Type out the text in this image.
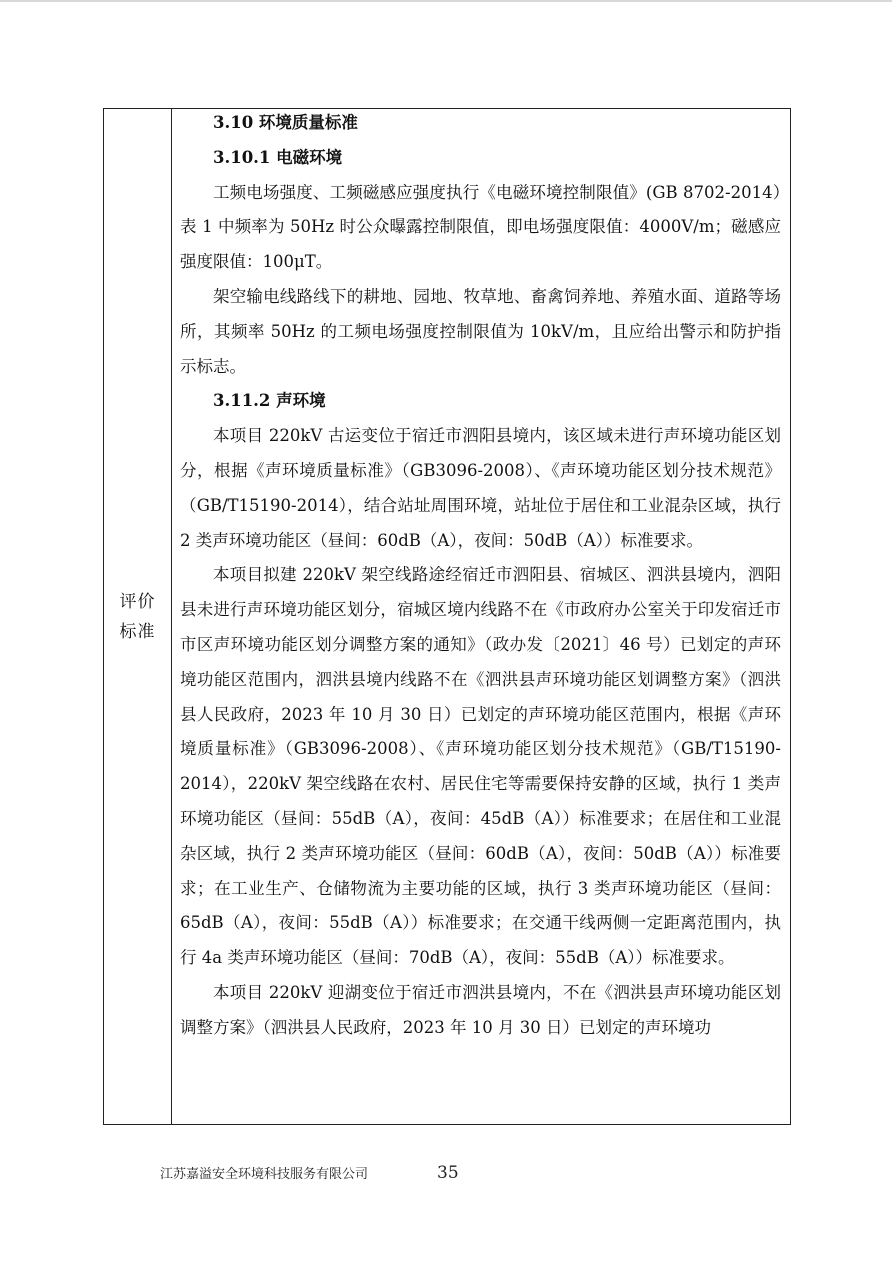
评价标准

3.10 环境质量标准

3.10.1 电磁环境

工频电场强度、工频磁感应强度执行《电磁环境控制限值》(GB 8702-2014）表 1 中频率为 50Hz 时公众曝露控制限值，即电场强度限值：4000V/m；磁感应强度限值：100μT。

架空输电线路线下的耕地、园地、牧草地、畜禽饲养地、养殖水面、道路等场所，其频率 50Hz 的工频电场强度控制限值为 10kV/m，且应给出警示和防护指示标志。

3.11.2 声环境

本项目 220kV 古运变位于宿迁市泗阳县境内，该区域未进行声环境功能区划分，根据《声环境质量标准》（GB3096-2008）、《声环境功能区划分技术规范》（GB/T15190-2014），结合站址周围环境，站址位于居住和工业混杂区域，执行 2 类声环境功能区（昼间：60dB（A），夜间：50dB（A））标准要求。

本项目拟建 220kV 架空线路途经宿迁市泗阳县、宿城区、泗洪县境内，泗阳县未进行声环境功能区划分，宿城区境内线路不在《市政府办公室关于印发宿迁市市区声环境功能区划分调整方案的通知》（政办发〔2021〕46 号）已划定的声环境功能区范围内，泗洪县境内线路不在《泗洪县声环境功能区划调整方案》（泗洪县人民政府，2023 年 10 月 30 日）已划定的声环境功能区范围内，根据《声环境质量标准》（GB3096-2008）、《声环境功能区划分技术规范》（GB/T15190-2014），220kV 架空线路在农村、居民住宅等需要保持安静的区域，执行 1 类声环境功能区（昼间：55dB（A），夜间：45dB（A））标准要求；在居住和工业混杂区域，执行 2 类声环境功能区（昼间：60dB（A），夜间：50dB（A））标准要求；在工业生产、仓储物流为主要功能的区域，执行 3 类声环境功能区（昼间：65dB（A），夜间：55dB（A））标准要求；在交通干线两侧一定距离范围内，执行 4a 类声环境功能区（昼间：70dB（A），夜间：55dB（A））标准要求。

本项目 220kV 迎湖变位于宿迁市泗洪县境内，不在《泗洪县声环境功能区划调整方案》（泗洪县人民政府，2023 年 10 月 30 日）已划定的声环境功

江苏嘉溢安全环境科技服务有限公司	35
